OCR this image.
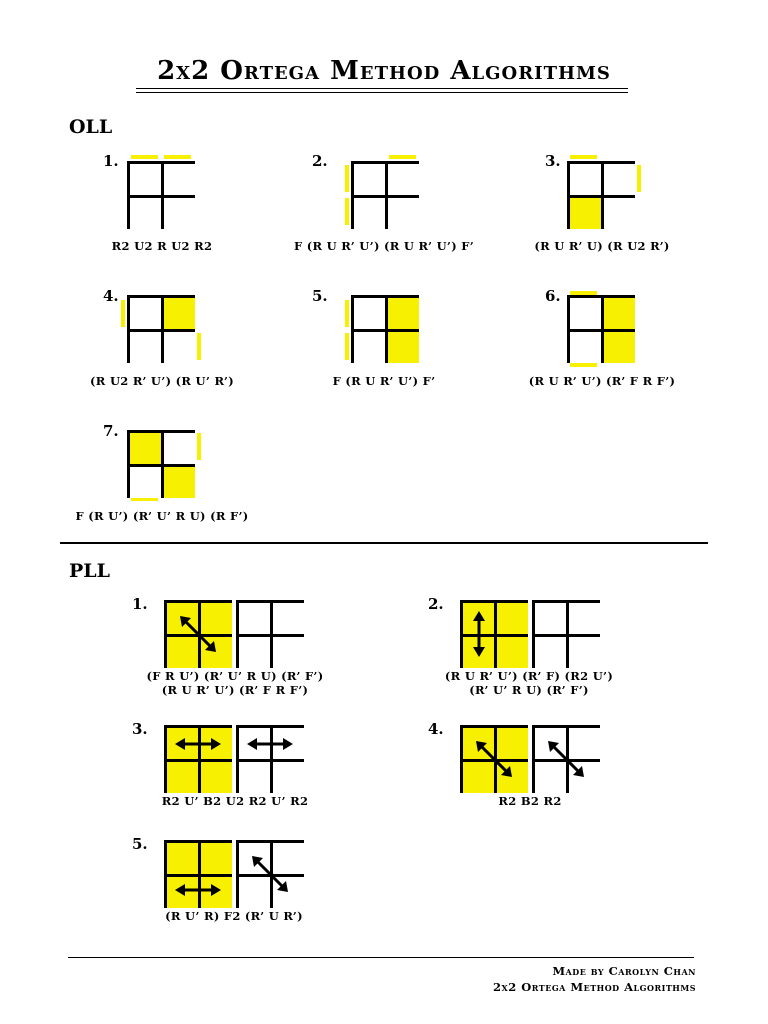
2x2 Ortega Method Algorithms
OLL
1.
R2 U2 R U2 R2
2.
F (R U R’ U’) (R U R’ U’) F’
3.
(R U R’ U) (R U2 R’)
4.
(R U2 R’ U’) (R U’ R’)
5.
F (R U R’ U’) F’
6.
(R U R’ U’) (R’ F R F’)
7.
F (R U’) (R’ U’ R U) (R F’)
PLL
1.
(F R U’) (R’ U’ R U) (R’ F’)
(R U R’ U’) (R’ F R F’)
2.
(R U R’ U’) (R’ F) (R2 U’)
(R’ U’ R U) (R’ F’)
3.
R2 U’ B2 U2 R2 U’ R2
4.
R2 B2 R2
5.
(R U’ R) F2 (R’ U R’)
Made by Carolyn Chan
2x2 Ortega Method Algorithms
